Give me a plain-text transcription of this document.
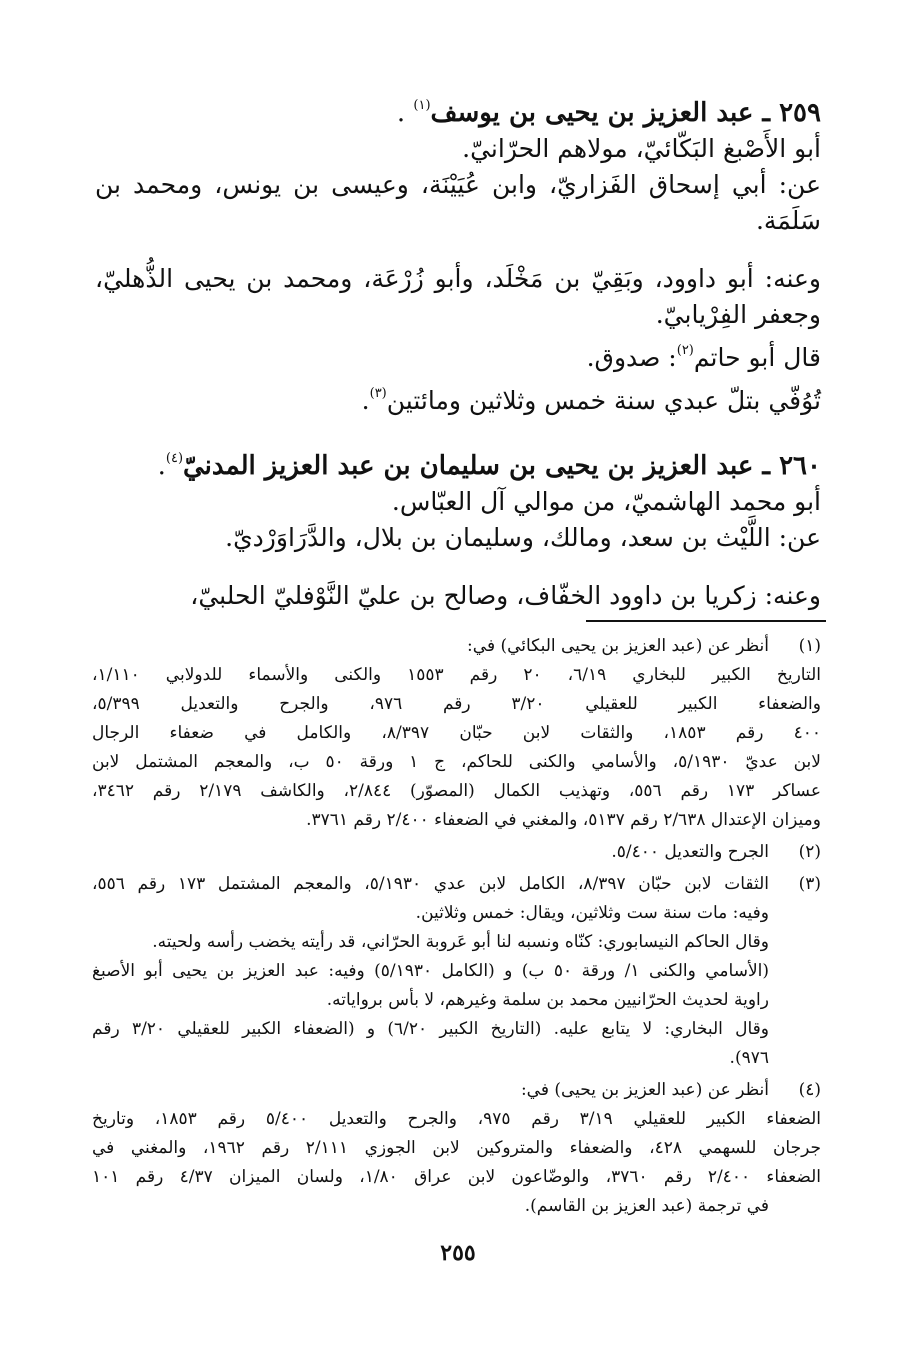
٢٥٩ ـ عبد العزيز بن يحيى بن يوسف$^{(١)}$ .
أبو الأَصْبغ البَكّائيّ، مولاهم الحرّانيّ.
عن: أبي إسحاق الفَزاريّ، وابن عُيَيْنَة، وعيسى بن يونس، ومحمد بن
سَلَمَة.
وعنه: أبو داوود، وبَقِيّ بن مَخْلَد، وأبو زُرْعَة، ومحمد بن يحيى الذُّهليّ،
وجعفر الفِرْيابيّ.
قال أبو حاتم$^{(٢)}$: صدوق.
تُوُفّي بتلّ عبدي سنة خمس وثلاثين ومائتين$^{(٣)}$.
٢٦٠ ـ عبد العزيز بن يحيى بن سليمان بن عبد العزيز المدنيّ$^{(٤)}$.
أبو محمد الهاشميّ، من موالي آل العبّاس.
عن: اللَّيْث بن سعد، ومالك، وسليمان بن بلال، والدَّرَاوَرْديّ.
وعنه: زكريا بن داوود الخفّاف، وصالح بن عليّ النَّوْفليّ الحلبيّ،
(١)
أنظر عن (عبد العزيز بن يحيى البكائي) في:
التاريخ الكبير للبخاري ٦/١٩، ٢٠ رقم ١٥٥٣ والكنى والأسماء للدولابي ١/١١٠،
والضعفاء الكبير للعقيلي ٣/٢٠ رقم ٩٧٦، والجرح والتعديل ٥/٣٩٩،
٤٠٠ رقم ١٨٥٣، والثقات لابن حبّان ٨/٣٩٧، والكامل في ضعفاء الرجال
لابن عديّ ٥/١٩٣٠، والأسامي والكنى للحاكم، ج ١ ورقة ٥٠ ب، والمعجم المشتمل لابن
عساكر ١٧٣ رقم ٥٥٦، وتهذيب الكمال (المصوّر) ٢/٨٤٤، والكاشف ٢/١٧٩ رقم ٣٤٦٢،
وميزان الإعتدال ٢/٦٣٨ رقم ٥١٣٧، والمغني في الضعفاء ٢/٤٠٠ رقم ٣٧٦١.
(٢)
الجرح والتعديل ٥/٤٠٠.
(٣)
الثقات لابن حبّان ٨/٣٩٧، الكامل لابن عدي ٥/١٩٣٠، والمعجم المشتمل ١٧٣ رقم ٥٥٦،
وفيه: مات سنة ست وثلاثين، ويقال: خمس وثلاثين.
وقال الحاكم النيسابوري: كنّاه ونسبه لنا أبو عَروبة الحرّاني، قد رأيته يخضب رأسه ولحيته.
(الأسامي والكنى ١/ ورقة ٥٠ ب) و (الكامل ٥/١٩٣٠) وفيه: عبد العزيز بن يحيى أبو الأصبغ
راوية لحديث الحرّانيين محمد بن سلمة وغيرهم، لا بأس برواياته.
وقال البخاري: لا يتابع عليه. (التاريخ الكبير ٦/٢٠) و (الضعفاء الكبير للعقيلي ٣/٢٠ رقم
٩٧٦).
(٤)
أنظر عن (عبد العزيز بن يحيى) في:
الضعفاء الكبير للعقيلي ٣/١٩ رقم ٩٧٥، والجرح والتعديل ٥/٤٠٠ رقم ١٨٥٣، وتاريخ
جرجان للسهمي ٤٢٨، والضعفاء والمتروكين لابن الجوزي ٢/١١١ رقم ١٩٦٢، والمغني في
الضعفاء ٢/٤٠٠ رقم ٣٧٦٠، والوضّاعون لابن عراق ١/٨٠، ولسان الميزان ٤/٣٧ رقم ١٠١
في ترجمة (عبد العزيز بن القاسم).
٢٥٥
